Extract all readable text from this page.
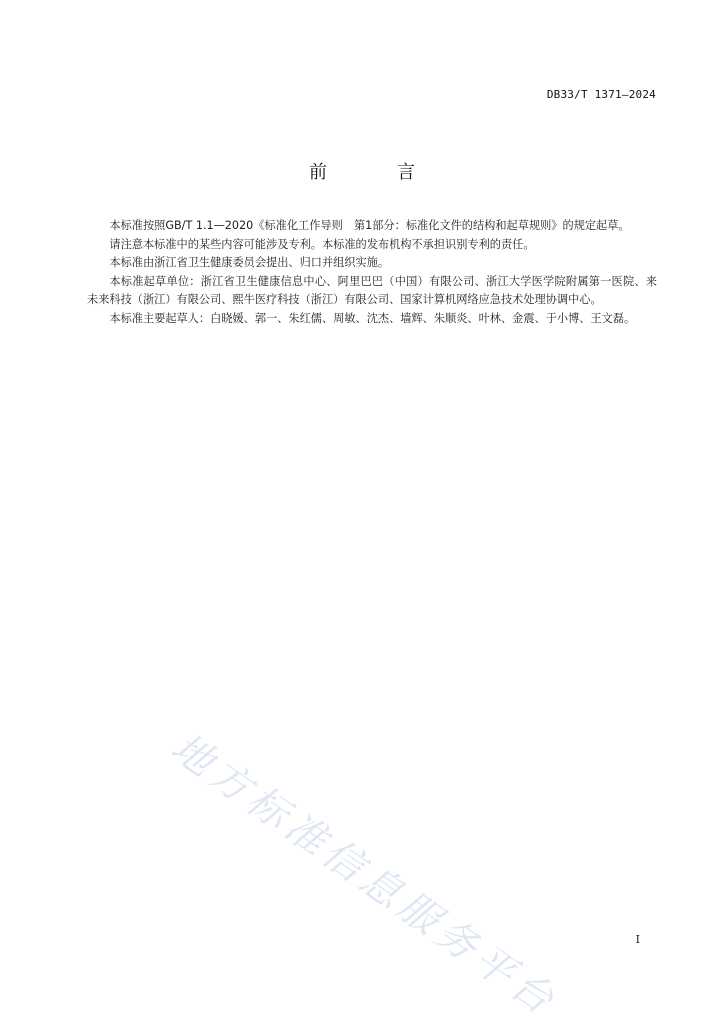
DB33/T 1371—2024
前　言

本标准按照GB/T 1.1—2020《标准化工作导则　第1部分：标准化文件的结构和起草规则》的规定起草。

请注意本标准中的某些内容可能涉及专利。本标准的发布机构不承担识别专利的责任。

本标准由浙江省卫生健康委员会提出、归口并组织实施。

本标准起草单位：浙江省卫生健康信息中心、阿里巴巴（中国）有限公司、浙江大学医学院附属第一医院、来未来科技（浙江）有限公司、熙牛医疗科技（浙江）有限公司、国家计算机网络应急技术处理协调中心。

本标准主要起草人：白晓媛、郭一、朱红儒、周敏、沈杰、墙辉、朱顺炎、叶林、金震、于小博、王文磊。

地方标准信息服务平台	I
